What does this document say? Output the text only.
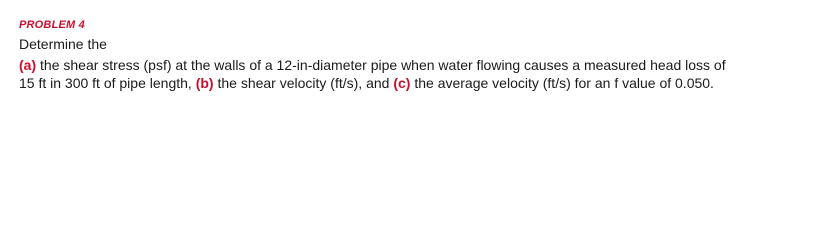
PROBLEM 4
Determine the
(a) the shear stress (psf) at the walls of a 12-in-diameter pipe when water flowing causes a measured head loss of
15 ft in 300 ft of pipe length, (b) the shear velocity (ft/s), and (c) the average velocity (ft/s) for an f value of 0.050.
